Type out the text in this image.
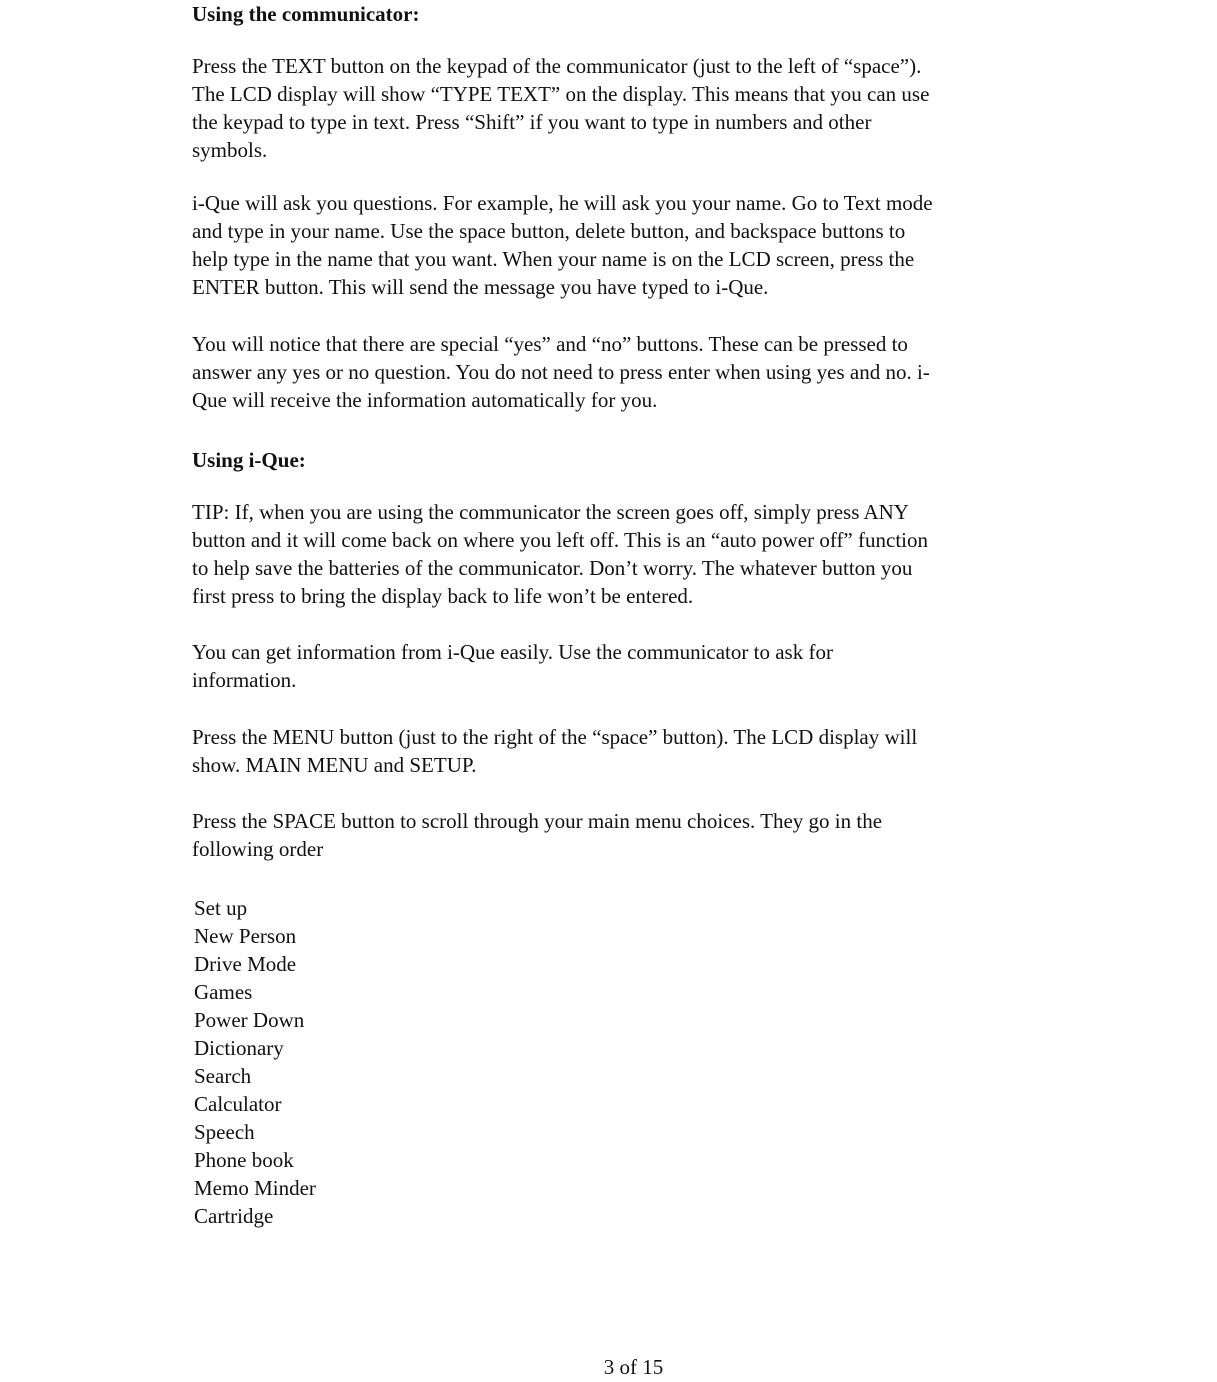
Using the communicator:

Press the TEXT button on the keypad of the communicator (just to the left of “space”).
The LCD display will show “TYPE TEXT” on the display. This means that you can use
the keypad to type in text. Press “Shift” if you want to type in numbers and other
symbols.

i-Que will ask you questions. For example, he will ask you your name. Go to Text mode
and type in your name. Use the space button, delete button, and backspace buttons to
help type in the name that you want. When your name is on the LCD screen, press the
ENTER button. This will send the message you have typed to i-Que.

You will notice that there are special “yes” and “no” buttons. These can be pressed to
answer any yes or no question. You do not need to press enter when using yes and no. i-
Que will receive the information automatically for you.

Using i-Que:

TIP: If, when you are using the communicator the screen goes off, simply press ANY
button and it will come back on where you left off. This is an “auto power off” function
to help save the batteries of the communicator. Don’t worry. The whatever button you
first press to bring the display back to life won’t be entered.

You can get information from i-Que easily. Use the communicator to ask for
information.

Press the MENU button (just to the right of the “space” button). The LCD display will
show. MAIN MENU and SETUP.

Press the SPACE button to scroll through your main menu choices. They go in the
following order

Set up
New Person
Drive Mode
Games
Power Down
Dictionary
Search
Calculator
Speech
Phone book
Memo Minder
Cartridge
3 of 15
